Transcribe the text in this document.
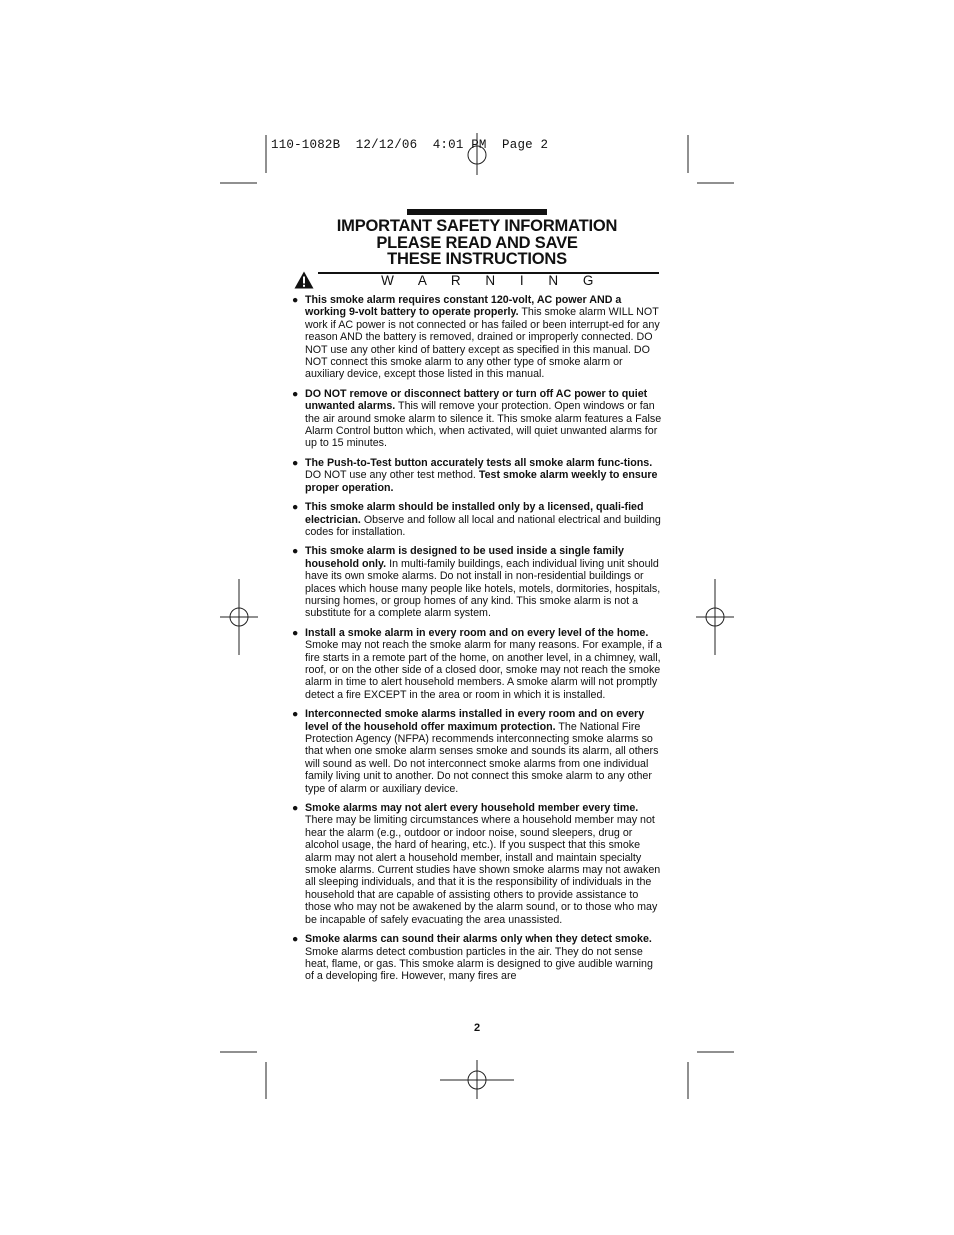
110-1082B  12/12/06  4:01 PM  Page 2
IMPORTANT SAFETY INFORMATION
PLEASE READ AND SAVE
THESE INSTRUCTIONS
W A R N I N G
● This smoke alarm requires constant 120-volt, AC power AND a working 9-volt battery to operate properly. This smoke alarm WILL NOT work if AC power is not connected or has failed or been interrupt-ed for any reason AND the battery is removed, drained or improperly connected. DO NOT use any other kind of battery except as specified in this manual. DO NOT connect this smoke alarm to any other type of smoke alarm or auxiliary device, except those listed in this manual.
● DO NOT remove or disconnect battery or turn off AC power to quiet unwanted alarms. This will remove your protection. Open windows or fan the air around smoke alarm to silence it. This smoke alarm features a False Alarm Control button which, when activated, will quiet unwanted alarms for up to 15 minutes.
● The Push-to-Test button accurately tests all smoke alarm func-tions. DO NOT use any other test method. Test smoke alarm weekly to ensure proper operation.
● This smoke alarm should be installed only by a licensed, quali-fied electrician. Observe and follow all local and national electrical and building codes for installation.
● This smoke alarm is designed to be used inside a single family household only. In multi-family buildings, each individual living unit should have its own smoke alarms. Do not install in non-residential buildings or places which house many people like hotels, motels, dormitories, hospitals, nursing homes, or group homes of any kind. This smoke alarm is not a substitute for a complete alarm system.
● Install a smoke alarm in every room and on every level of the home. Smoke may not reach the smoke alarm for many reasons. For example, if a fire starts in a remote part of the home, on another level, in a chimney, wall, roof, or on the other side of a closed door, smoke may not reach the smoke alarm in time to alert household members. A smoke alarm will not promptly detect a fire EXCEPT in the area or room in which it is installed.
● Interconnected smoke alarms installed in every room and on every level of the household offer maximum protection. The National Fire Protection Agency (NFPA) recommends interconnecting smoke alarms so that when one smoke alarm senses smoke and sounds its alarm, all others will sound as well. Do not interconnect smoke alarms from one individual family living unit to another. Do not connect this smoke alarm to any other type of alarm or auxiliary device.
● Smoke alarms may not alert every household member every time. There may be limiting circumstances where a household member may not hear the alarm (e.g., outdoor or indoor noise, sound sleepers, drug or alcohol usage, the hard of hearing, etc.). If you suspect that this smoke alarm may not alert a household member, install and maintain specialty smoke alarms. Current studies have shown smoke alarms may not awaken all sleeping individuals, and that it is the responsibility of individuals in the household that are capable of assisting others to provide assistance to those who may not be awakened by the alarm sound, or to those who may be incapable of safely evacuating the area unassisted.
● Smoke alarms can sound their alarms only when they detect smoke. Smoke alarms detect combustion particles in the air. They do not sense heat, flame, or gas. This smoke alarm is designed to give audible warning of a developing fire. However, many fires are
2
